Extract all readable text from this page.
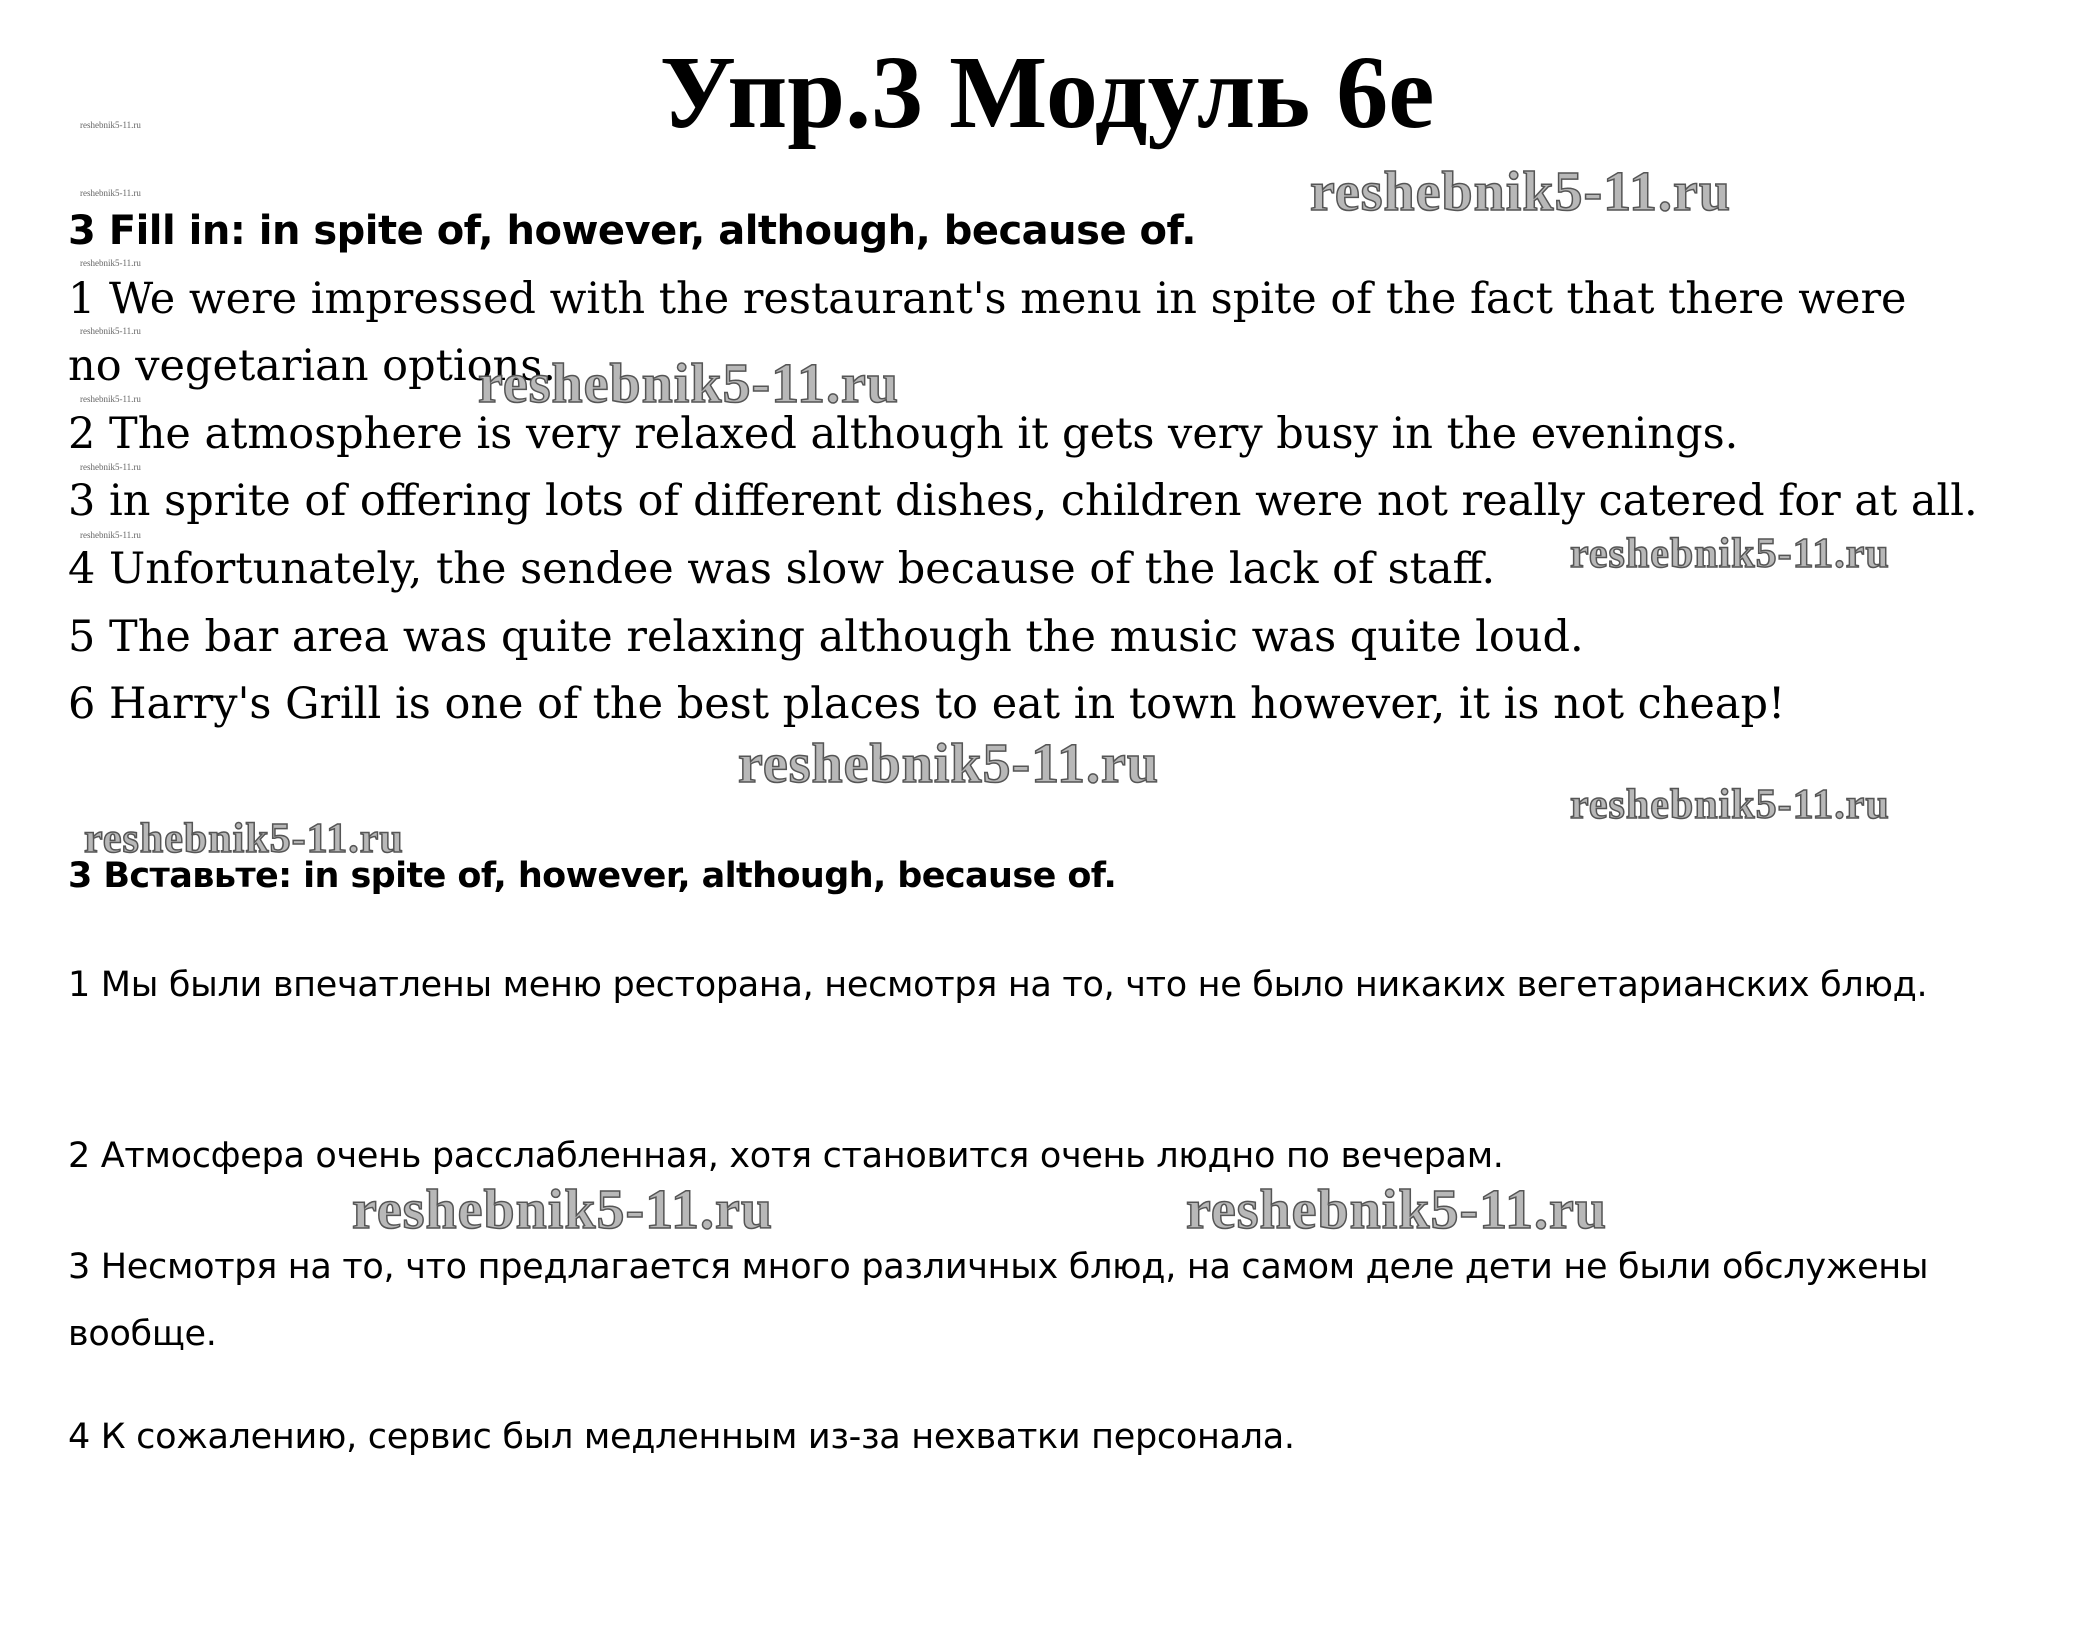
Упр.3 Модуль 6e
3 Fill in: in spite of, however, although, because of.
1 We were impressed with the restaurant's menu in spite of the fact that there were no vegetarian options.
2 The atmosphere is very relaxed although it gets very busy in the evenings.
3 in sprite of offering lots of different dishes, children were not really catered for at all.
4 Unfortunately, the sendee was slow because of the lack of staff.
5 The bar area was quite relaxing although the music was quite loud.
6 Harry's Grill is one of the best places to eat in town however, it is not cheap!
3 Вставьте: in spite of, however, although, because of.
1 Мы были впечатлены меню ресторана, несмотря на то, что не было никаких вегетарианских блюд.
2 Атмосфера очень расслабленная, хотя становится очень людно по вечерам.
3 Несмотря на то, что предлагается много различных блюд, на самом деле дети не были обслужены вообще.
4 К сожалению, сервис был медленным из-за нехватки персонала.
reshebnik5-11.ru
reshebnik5-11.ru
reshebnik5-11.ru
reshebnik5-11.ru
reshebnik5-11.ru
reshebnik5-11.ru
reshebnik5-11.ru	reshebnik5-11.ru
reshebnik5-11.ru
reshebnik5-11.ru
reshebnik5-11.ru
reshebnik5-11.ru
reshebnik5-11.ru
reshebnik5-11.ru
reshebnik5-11.ru
